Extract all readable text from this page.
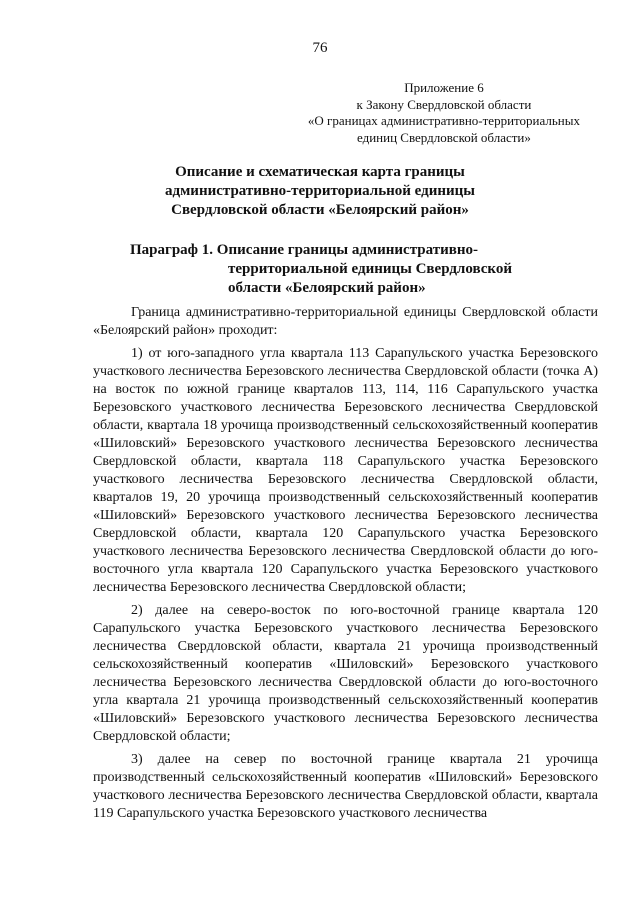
76
Приложение 6
к Закону Свердловской области
«О границах административно-территориальных
единиц Свердловской области»
Описание и схематическая карта границы
административно-территориальной единицы
Свердловской области «Белоярский район»
Параграф 1. Описание границы административно-
территориальной единицы Свердловской
области «Белоярский район»

Граница административно-территориальной единицы Свердловской области «Белоярский район» проходит:

1) от юго-западного угла квартала 113 Сарапульского участка Березовского участкового лесничества Березовского лесничества Свердловской области (точка А) на восток по южной границе кварталов 113, 114, 116 Сарапульского участка Березовского участкового лесничества Березовского лесничества Свердловской области, квартала 18 урочища производственный сельскохозяйственный кооператив «Шиловский» Березовского участкового лесничества Березовского лесничества Свердловской области, квартала 118 Сарапульского участка Березовского участкового лесничества Березовского лесничества Свердловской области, кварталов 19, 20 урочища производственный сельскохозяйственный кооператив «Шиловский» Березовского участкового лесничества Березовского лесничества Свердловской области, квартала 120 Сарапульского участка Березовского участкового лесничества Березовского лесничества Свердловской области до юго-восточного угла квартала 120 Сарапульского участка Березовского участкового лесничества Березовского лесничества Свердловской области;

2) далее на северо-восток по юго-восточной границе квартала 120 Сарапульского участка Березовского участкового лесничества Березовского лесничества Свердловской области, квартала 21 урочища производственный сельскохозяйственный кооператив «Шиловский» Березовского участкового лесничества Березовского лесничества Свердловской области до юго-восточного угла квартала 21 урочища производственный сельскохозяйственный кооператив «Шиловский» Березовского участкового лесничества Березовского лесничества Свердловской области;

3) далее на север по восточной границе квартала 21 урочища производственный сельскохозяйственный кооператив «Шиловский» Березовского участкового лесничества Березовского лесничества Свердловской области, квартала 119 Сарапульского участка Березовского участкового лесничества
